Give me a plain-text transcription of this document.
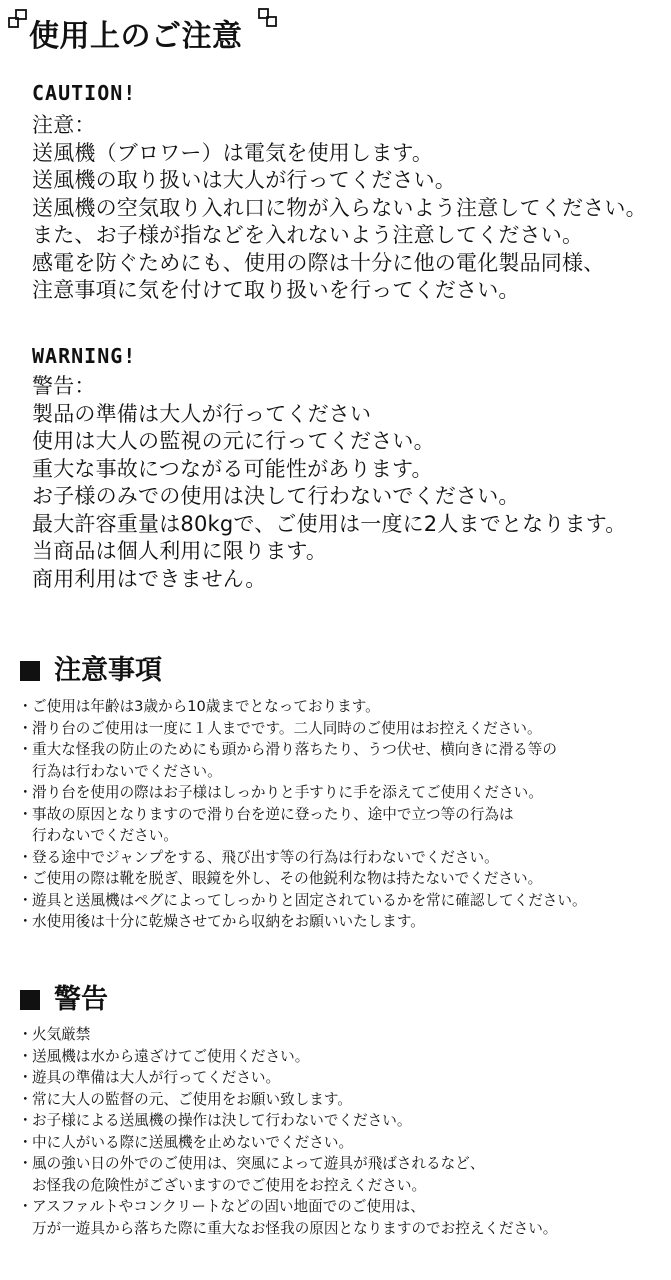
使用上のご注意
CAUTION!
注意：
送風機（ブロワー）は電気を使用します。
送風機の取り扱いは大人が行ってください。
送風機の空気取り入れ口に物が入らないよう注意してください。
また、お子様が指などを入れないよう注意してください。
感電を防ぐためにも、使用の際は十分に他の電化製品同様、
注意事項に気を付けて取り扱いを行ってください。
WARNING!
警告：
製品の準備は大人が行ってください
使用は大人の監視の元に行ってください。
重大な事故につながる可能性があります。
お子様のみでの使用は決して行わないでください。
最大許容重量は80kgで、ご使用は一度に2人までとなります。
当商品は個人利用に限ります。
商用利用はできません。
注意事項
・ ご使用は年齢は3歳から10歳までとなっております。
・ 滑り台のご使用は一度に１人までです。二人同時のご使用はお控えください。
・ 重大な怪我の防止のためにも頭から滑り落ちたり、うつ伏せ、横向きに滑る等の
行為は行わないでください。
・ 滑り台を使用の際はお子様はしっかりと手すりに手を添えてご使用ください。
・ 事故の原因となりますので滑り台を逆に登ったり、途中で立つ等の行為は
行わないでください。
・ 登る途中でジャンプをする、飛び出す等の行為は行わないでください。
・ ご使用の際は靴を脱ぎ、眼鏡を外し、その他鋭利な物は持たないでください。
・ 遊具と送風機はペグによってしっかりと固定されているかを常に確認してください。
・ 水使用後は十分に乾燥させてから収納をお願いいたします。
警告
・ 火気厳禁
・ 送風機は水から遠ざけてご使用ください。
・ 遊具の準備は大人が行ってください。
・ 常に大人の監督の元、ご使用をお願い致します。
・ お子様による送風機の操作は決して行わないでください。
・ 中に人がいる際に送風機を止めないでください。
・ 風の強い日の外でのご使用は、突風によって遊具が飛ばされるなど、
お怪我の危険性がございますのでご使用をお控えください。
・ アスファルトやコンクリートなどの固い地面でのご使用は、
万が一遊具から落ちた際に重大なお怪我の原因となりますのでお控えください。
